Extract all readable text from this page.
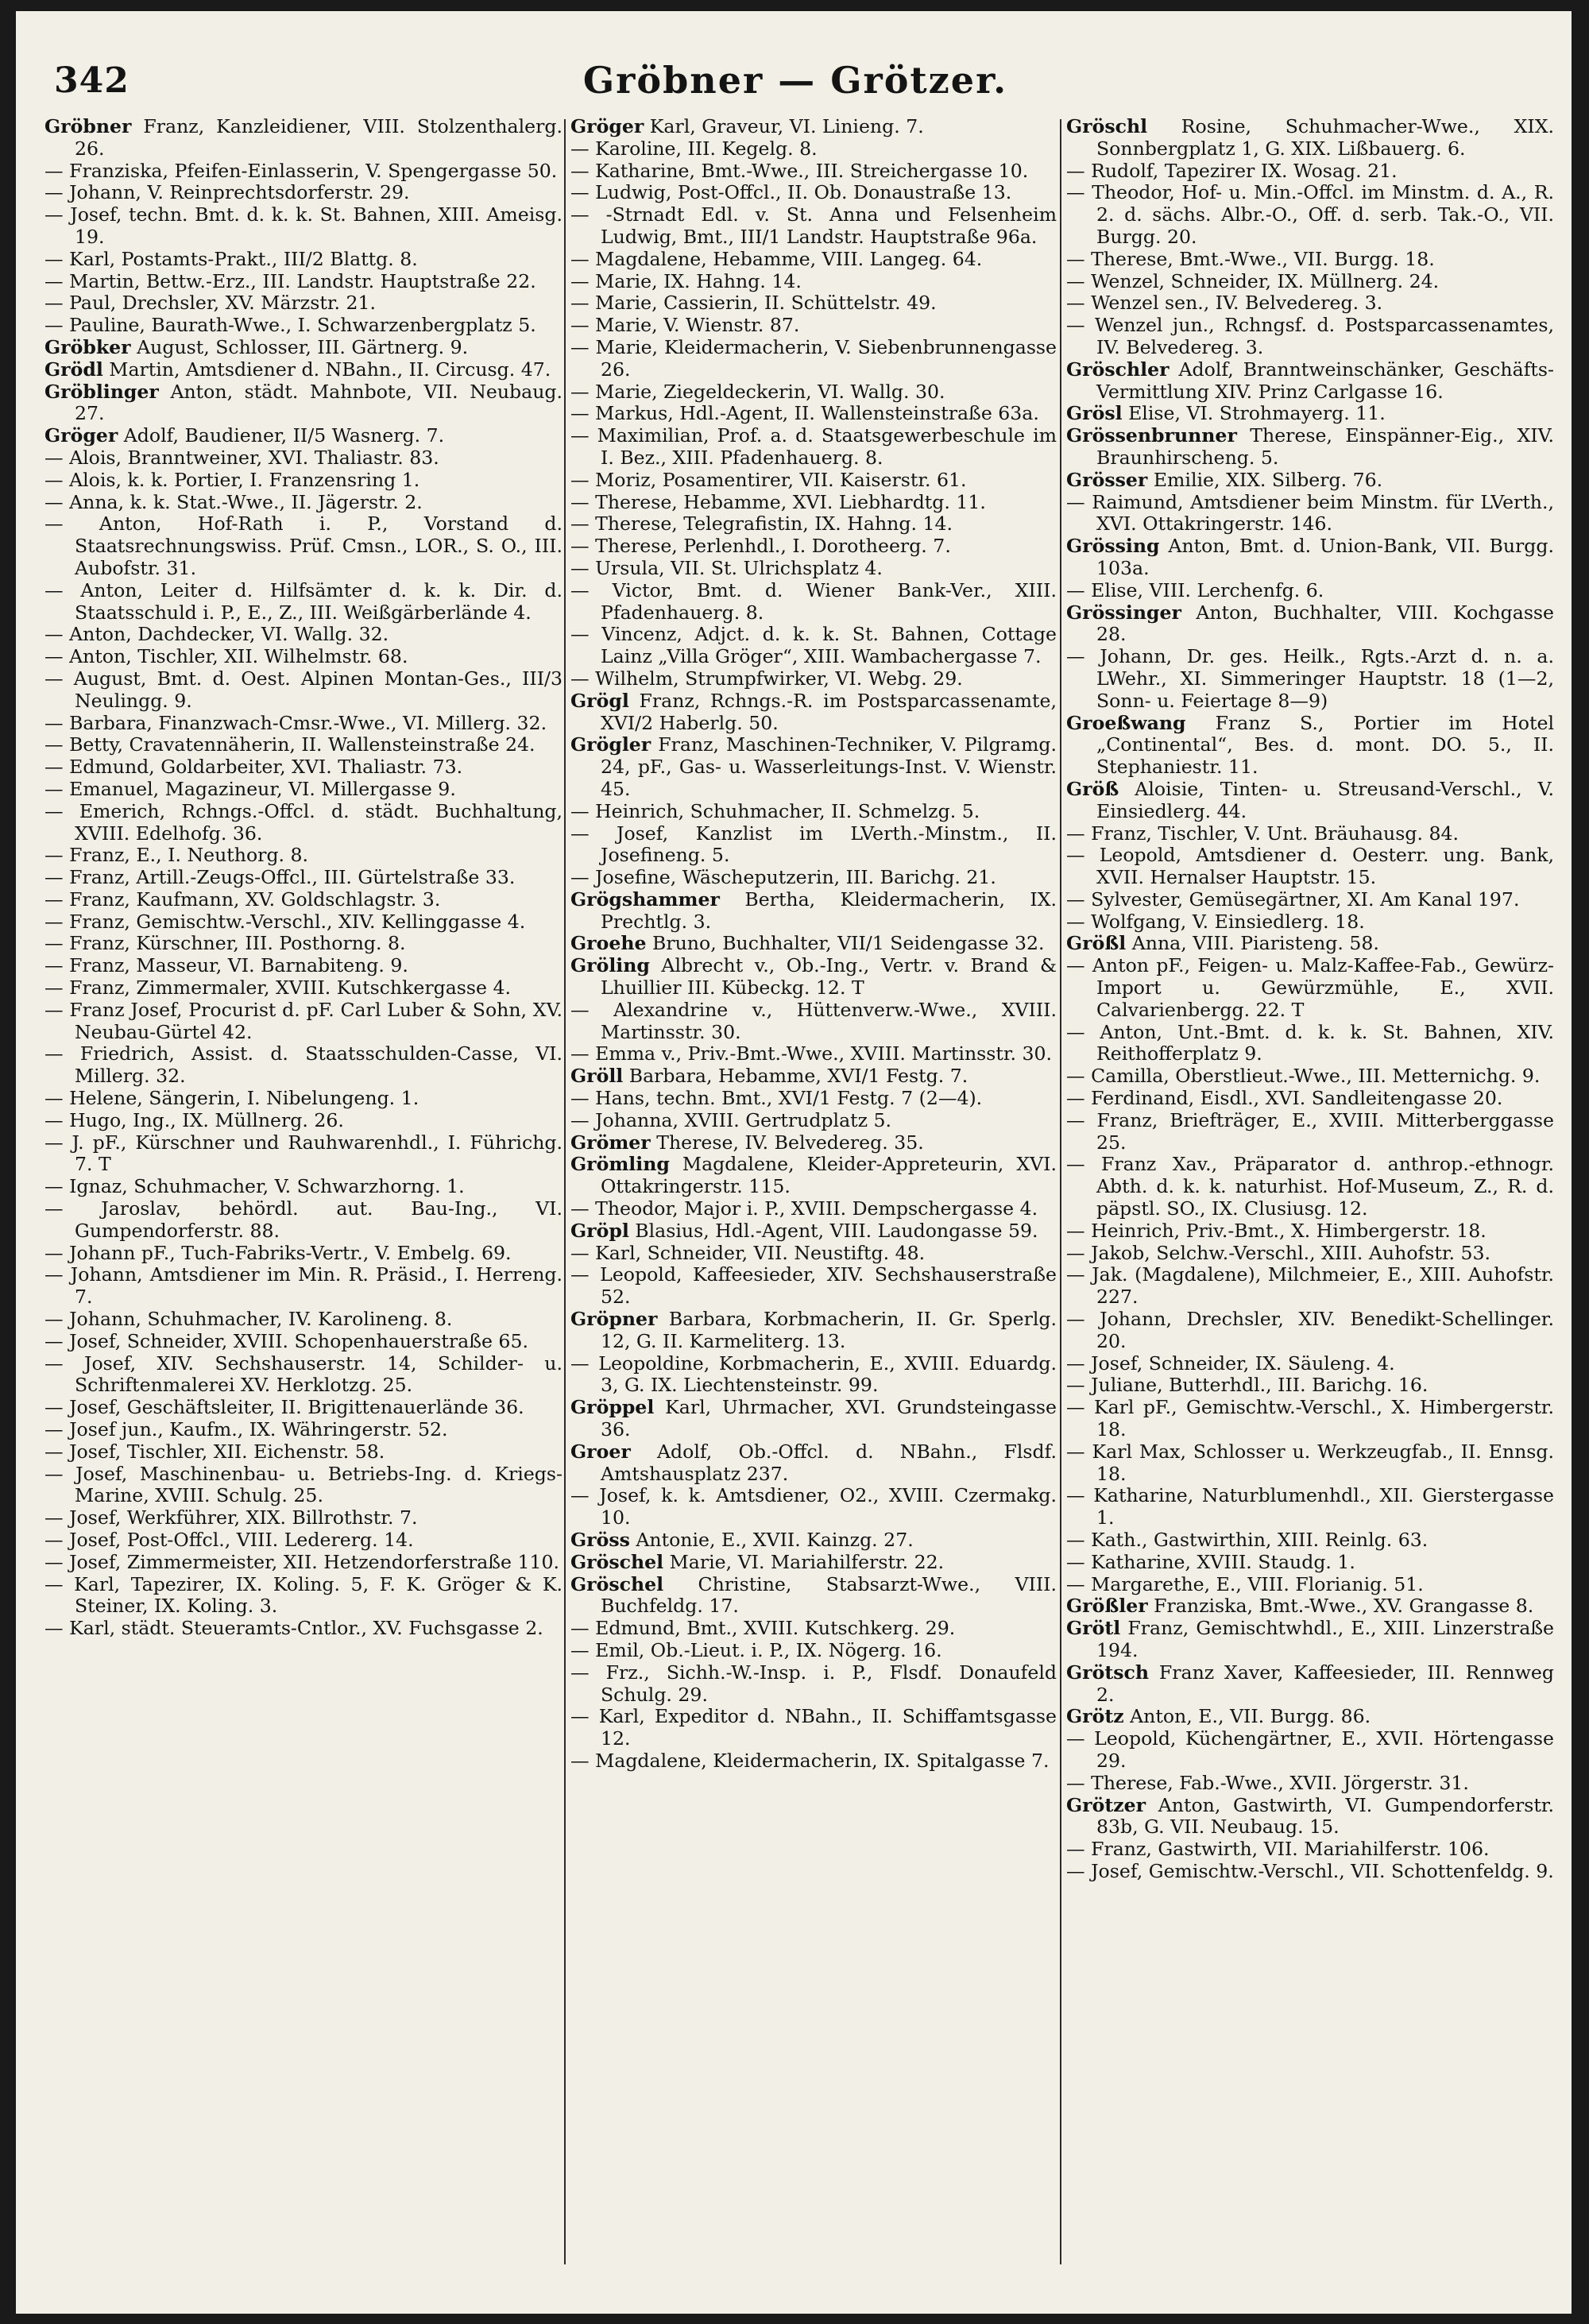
342	Gröbner — Grötzer.

Gröbner Franz, Kanzleidiener, VIII. Stolzenthalerg. 26.

— Franziska, Pfeifen-Einlasserin, V. Spengergasse 50.

— Johann, V. Reinprechtsdorferstr. 29.

— Josef, techn. Bmt. d. k. k. St. Bahnen, XIII. Ameisg. 19.

— Karl, Postamts-Prakt., III/2 Blattg. 8.

— Martin, Bettw.-Erz., III. Landstr. Hauptstraße 22.

— Paul, Drechsler, XV. Märzstr. 21.

— Pauline, Baurath-Wwe., I. Schwarzenbergplatz 5.

Gröbker August, Schlosser, III. Gärtnerg. 9.

Grödl Martin, Amtsdiener d. NBahn., II. Circusg. 47.

Gröblinger Anton, städt. Mahnbote, VII. Neubaug. 27.

Gröger Adolf, Baudiener, II/5 Wasnerg. 7.

— Alois, Branntweiner, XVI. Thaliastr. 83.

— Alois, k. k. Portier, I. Franzensring 1.

— Anna, k. k. Stat.-Wwe., II. Jägerstr. 2.

— Anton, Hof-Rath i. P., Vorstand d. Staatsrechnungswiss. Prüf. Cmsn., LOR., S. O., III. Aubofstr. 31.

— Anton, Leiter d. Hilfsämter d. k. k. Dir. d. Staatsschuld i. P., E., Z., III. Weißgärberlände 4.

— Anton, Dachdecker, VI. Wallg. 32.

— Anton, Tischler, XII. Wilhelmstr. 68.

— August, Bmt. d. Oest. Alpinen Montan-Ges., III/3 Neulingg. 9.

— Barbara, Finanzwach-Cmsr.-Wwe., VI. Millerg. 32.

— Betty, Cravatennäherin, II. Wallensteinstraße 24.

— Edmund, Goldarbeiter, XVI. Thaliastr. 73.

— Emanuel, Magazineur, VI. Millergasse 9.

— Emerich, Rchngs.-Offcl. d. städt. Buchhaltung, XVIII. Edelhofg. 36.

— Franz, E., I. Neuthorg. 8.

— Franz, Artill.-Zeugs-Offcl., III. Gürtelstraße 33.

— Franz, Kaufmann, XV. Goldschlagstr. 3.

— Franz, Gemischtw.-Verschl., XIV. Kellinggasse 4.

— Franz, Kürschner, III. Posthorng. 8.

— Franz, Masseur, VI. Barnabiteng. 9.

— Franz, Zimmermaler, XVIII. Kutschkergasse 4.

— Franz Josef, Procurist d. pF. Carl Luber & Sohn, XV. Neubau-Gürtel 42.

— Friedrich, Assist. d. Staatsschulden-Casse, VI. Millerg. 32.

— Helene, Sängerin, I. Nibelungeng. 1.

— Hugo, Ing., IX. Müllnerg. 26.

— J. pF., Kürschner und Rauhwarenhdl., I. Führichg. 7. T

— Ignaz, Schuhmacher, V. Schwarzhorng. 1.

— Jaroslav, behördl. aut. Bau-Ing., VI. Gumpendorferstr. 88.

— Johann pF., Tuch-Fabriks-Vertr., V. Embelg. 69.

— Johann, Amtsdiener im Min. R. Präsid., I. Herreng. 7.

— Johann, Schuhmacher, IV. Karolineng. 8.

— Josef, Schneider, XVIII. Schopenhauerstraße 65.

— Josef, XIV. Sechshauserstr. 14, Schilder- u. Schriftenmalerei XV. Herklotzg. 25.

— Josef, Geschäftsleiter, II. Brigittenauerlände 36.

— Josef jun., Kaufm., IX. Währingerstr. 52.

— Josef, Tischler, XII. Eichenstr. 58.

— Josef, Maschinenbau- u. Betriebs-Ing. d. Kriegs-Marine, XVIII. Schulg. 25.

— Josef, Werkführer, XIX. Billrothstr. 7.

— Josef, Post-Offcl., VIII. Ledererg. 14.

— Josef, Zimmermeister, XII. Hetzendorferstraße 110.

— Karl, Tapezirer, IX. Koling. 5, F. K. Gröger & K. Steiner, IX. Koling. 3.

— Karl, städt. Steueramts-Cntlor., XV. Fuchsgasse 2.

Gröger Karl, Graveur, VI. Linieng. 7.

— Karoline, III. Kegelg. 8.

— Katharine, Bmt.-Wwe., III. Streichergasse 10.

— Ludwig, Post-Offcl., II. Ob. Donaustraße 13.

— -Strnadt Edl. v. St. Anna und Felsenheim Ludwig, Bmt., III/1 Landstr. Hauptstraße 96a.

— Magdalene, Hebamme, VIII. Langeg. 64.

— Marie, IX. Hahng. 14.

— Marie, Cassierin, II. Schüttelstr. 49.

— Marie, V. Wienstr. 87.

— Marie, Kleidermacherin, V. Siebenbrunnengasse 26.

— Marie, Ziegeldeckerin, VI. Wallg. 30.

— Markus, Hdl.-Agent, II. Wallensteinstraße 63a.

— Maximilian, Prof. a. d. Staatsgewerbeschule im I. Bez., XIII. Pfadenhauerg. 8.

— Moriz, Posamentirer, VII. Kaiserstr. 61.

— Therese, Hebamme, XVI. Liebhardtg. 11.

— Therese, Telegrafistin, IX. Hahng. 14.

— Therese, Perlenhdl., I. Dorotheerg. 7.

— Ursula, VII. St. Ulrichsplatz 4.

— Victor, Bmt. d. Wiener Bank-Ver., XIII. Pfadenhauerg. 8.

— Vincenz, Adjct. d. k. k. St. Bahnen, Cottage Lainz „Villa Gröger“, XIII. Wambachergasse 7.

— Wilhelm, Strumpfwirker, VI. Webg. 29.

Grögl Franz, Rchngs.-R. im Postsparcassenamte, XVI/2 Haberlg. 50.

Grögler Franz, Maschinen-Techniker, V. Pilgramg. 24, pF., Gas- u. Wasserleitungs-Inst. V. Wienstr. 45.

— Heinrich, Schuhmacher, II. Schmelzg. 5.

— Josef, Kanzlist im LVerth.-Minstm., II. Josefineng. 5.

— Josefine, Wäscheputzerin, III. Barichg. 21.

Grögshammer Bertha, Kleidermacherin, IX. Prechtlg. 3.

Groehe Bruno, Buchhalter, VII/1 Seidengasse 32.

Gröling Albrecht v., Ob.-Ing., Vertr. v. Brand & Lhuillier III. Kübeckg. 12. T

— Alexandrine v., Hüttenverw.-Wwe., XVIII. Martinsstr. 30.

— Emma v., Priv.-Bmt.-Wwe., XVIII. Martinsstr. 30.

Gröll Barbara, Hebamme, XVI/1 Festg. 7.

— Hans, techn. Bmt., XVI/1 Festg. 7 (2—4).

— Johanna, XVIII. Gertrudplatz 5.

Grömer Therese, IV. Belvedereg. 35.

Grömling Magdalene, Kleider-Appreteurin, XVI. Ottakringerstr. 115.

— Theodor, Major i. P., XVIII. Dempschergasse 4.

Gröpl Blasius, Hdl.-Agent, VIII. Laudongasse 59.

— Karl, Schneider, VII. Neustiftg. 48.

— Leopold, Kaffeesieder, XIV. Sechshauserstraße 52.

Gröpner Barbara, Korbmacherin, II. Gr. Sperlg. 12, G. II. Karmeliterg. 13.

— Leopoldine, Korbmacherin, E., XVIII. Eduardg. 3, G. IX. Liechtensteinstr. 99.

Gröppel Karl, Uhrmacher, XVI. Grundsteingasse 36.

Groer Adolf, Ob.-Offcl. d. NBahn., Flsdf. Amtshausplatz 237.

— Josef, k. k. Amtsdiener, O2., XVIII. Czermakg. 10.

Gröss Antonie, E., XVII. Kainzg. 27.

Gröschel Marie, VI. Mariahilferstr. 22.

Gröschel Christine, Stabsarzt-Wwe., VIII. Buchfeldg. 17.

— Edmund, Bmt., XVIII. Kutschkerg. 29.

— Emil, Ob.-Lieut. i. P., IX. Nögerg. 16.

— Frz., Sichh.-W.-Insp. i. P., Flsdf. Donaufeld Schulg. 29.

— Karl, Expeditor d. NBahn., II. Schiffamtsgasse 12.

— Magdalene, Kleidermacherin, IX. Spitalgasse 7.

Gröschl Rosine, Schuhmacher-Wwe., XIX. Sonnbergplatz 1, G. XIX. Lißbauerg. 6.

— Rudolf, Tapezirer IX. Wosag. 21.

— Theodor, Hof- u. Min.-Offcl. im Minstm. d. A., R. 2. d. sächs. Albr.-O., Off. d. serb. Tak.-O., VII. Burgg. 20.

— Therese, Bmt.-Wwe., VII. Burgg. 18.

— Wenzel, Schneider, IX. Müllnerg. 24.

— Wenzel sen., IV. Belvedereg. 3.

— Wenzel jun., Rchngsf. d. Postsparcassenamtes, IV. Belvedereg. 3.

Gröschler Adolf, Branntweinschänker, Geschäfts-Vermittlung XIV. Prinz Carlgasse 16.

Grösl Elise, VI. Strohmayerg. 11.

Grössenbrunner Therese, Einspänner-Eig., XIV. Braunhirscheng. 5.

Grösser Emilie, XIX. Silberg. 76.

— Raimund, Amtsdiener beim Minstm. für LVerth., XVI. Ottakringerstr. 146.

Grössing Anton, Bmt. d. Union-Bank, VII. Burgg. 103a.

— Elise, VIII. Lerchenfg. 6.

Grössinger Anton, Buchhalter, VIII. Kochgasse 28.

— Johann, Dr. ges. Heilk., Rgts.-Arzt d. n. a. LWehr., XI. Simmeringer Hauptstr. 18 (1—2, Sonn- u. Feiertage 8—9)

Groeßwang Franz S., Portier im Hotel „Continental“, Bes. d. mont. DO. 5., II. Stephaniestr. 11.

Größ Aloisie, Tinten- u. Streusand-Verschl., V. Einsiedlerg. 44.

— Franz, Tischler, V. Unt. Bräuhausg. 84.

— Leopold, Amtsdiener d. Oesterr. ung. Bank, XVII. Hernalser Hauptstr. 15.

— Sylvester, Gemüsegärtner, XI. Am Kanal 197.

— Wolfgang, V. Einsiedlerg. 18.

Größl Anna, VIII. Piaristeng. 58.

— Anton pF., Feigen- u. Malz-Kaffee-Fab., Gewürz-Import u. Gewürzmühle, E., XVII. Calvarienbergg. 22. T

— Anton, Unt.-Bmt. d. k. k. St. Bahnen, XIV. Reithofferplatz 9.

— Camilla, Oberstlieut.-Wwe., III. Metternichg. 9.

— Ferdinand, Eisdl., XVI. Sandleitengasse 20.

— Franz, Briefträger, E., XVIII. Mitterberggasse 25.

— Franz Xav., Präparator d. anthrop.-ethnogr. Abth. d. k. k. naturhist. Hof-Museum, Z., R. d. päpstl. SO., IX. Clusiusg. 12.

— Heinrich, Priv.-Bmt., X. Himbergerstr. 18.

— Jakob, Selchw.-Verschl., XIII. Auhofstr. 53.

— Jak. (Magdalene), Milchmeier, E., XIII. Auhofstr. 227.

— Johann, Drechsler, XIV. Benedikt-Schellinger. 20.

— Josef, Schneider, IX. Säuleng. 4.

— Juliane, Butterhdl., III. Barichg. 16.

— Karl pF., Gemischtw.-Verschl., X. Himbergerstr. 18.

— Karl Max, Schlosser u. Werkzeugfab., II. Ennsg. 18.

— Katharine, Naturblumenhdl., XII. Gierstergasse 1.

— Kath., Gastwirthin, XIII. Reinlg. 63.

— Katharine, XVIII. Staudg. 1.

— Margarethe, E., VIII. Florianig. 51.

Größler Franziska, Bmt.-Wwe., XV. Grangasse 8.

Grötl Franz, Gemischtwhdl., E., XIII. Linzerstraße 194.

Grötsch Franz Xaver, Kaffeesieder, III. Rennweg 2.

Grötz Anton, E., VII. Burgg. 86.

— Leopold, Küchengärtner, E., XVII. Hörtengasse 29.

— Therese, Fab.-Wwe., XVII. Jörgerstr. 31.

Grötzer Anton, Gastwirth, VI. Gumpendorferstr. 83b, G. VII. Neubaug. 15.

— Franz, Gastwirth, VII. Mariahilferstr. 106.

— Josef, Gemischtw.-Verschl., VII. Schottenfeldg. 9.
